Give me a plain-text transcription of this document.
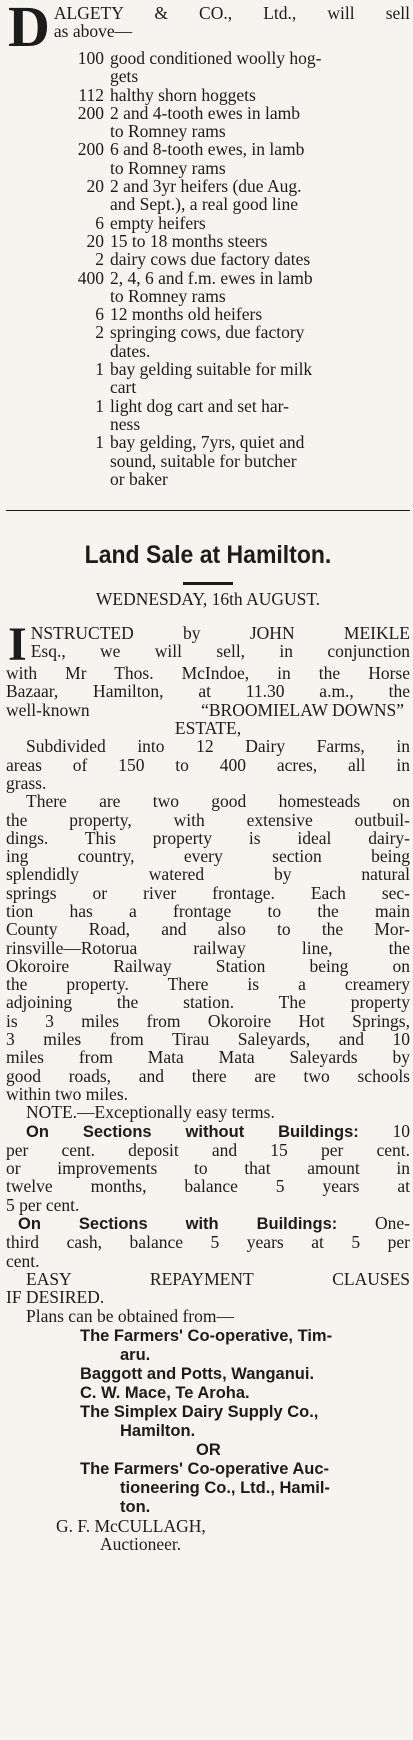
D ALGETY & CO., Ltd., will sell

as above—

100 good conditioned woolly hog-
gets
112 halthy shorn hoggets
200 2 and 4-tooth ewes in lamb
to Romney rams
200 6 and 8-tooth ewes, in lamb
to Romney rams
20 2 and 3yr heifers (due Aug.
and Sept.), a real good line
6 empty heifers
20 15 to 18 months steers
2 dairy cows due factory dates
400 2, 4, 6 and f.m. ewes in lamb
to Romney rams
6 12 months old heifers
2 springing cows, due factory
dates.
1 bay gelding suitable for milk
cart
1 light dog cart and set har-
ness
1 bay gelding, 7yrs, quiet and
sound, suitable for butcher
or baker
Land Sale at Hamilton.
WEDNESDAY, 16th AUGUST.
I NSTRUCTED by JOHN MEIKLE

Esq., we will sell, in conjunction

with Mr Thos. McIndoe, in the Horse

Bazaar, Hamilton, at 11.30 a.m., the

well-known	“BROOMIELAW DOWNS”

ESTATE,

Subdivided into 12 Dairy Farms, in

areas of 150 to 400 acres, all in

grass.

There are two good homesteads on

the property, with extensive outbuil-

dings. This property is ideal dairy-

ing country, every section being

splendidly watered by natural

springs or river frontage. Each sec-

tion has a frontage to the main

County Road, and also to the Mor-

rinsville—Rotorua railway line, the

Okoroire Railway Station being on

the property. There is a creamery

adjoining the station. The property

is 3 miles from Okoroire Hot Springs,

3 miles from Tirau Saleyards, and 10

miles from Mata Mata Saleyards by

good roads, and there are two schools

within two miles.

NOTE.—Exceptionally easy terms.

On Sections without Buildings: 10

per cent. deposit and 15 per cent.

or improvements to that amount in

twelve months, balance 5 years at

5 per cent.

On Sections with Buildings: One-

third cash, balance 5 years at 5 per

cent.

EASY REPAYMENT CLAUSES

IF DESIRED.

Plans can be obtained from—

The Farmers' Co-operative, Tim-
aru.
Baggott and Potts, Wanganui.
C. W. Mace, Te Aroha.
The Simplex Dairy Supply Co.,
Hamilton.
OR
The Farmers' Co-operative Auc-
tioneering Co., Ltd., Hamil-
ton.

G. F. McCULLAGH,

Auctioneer.
